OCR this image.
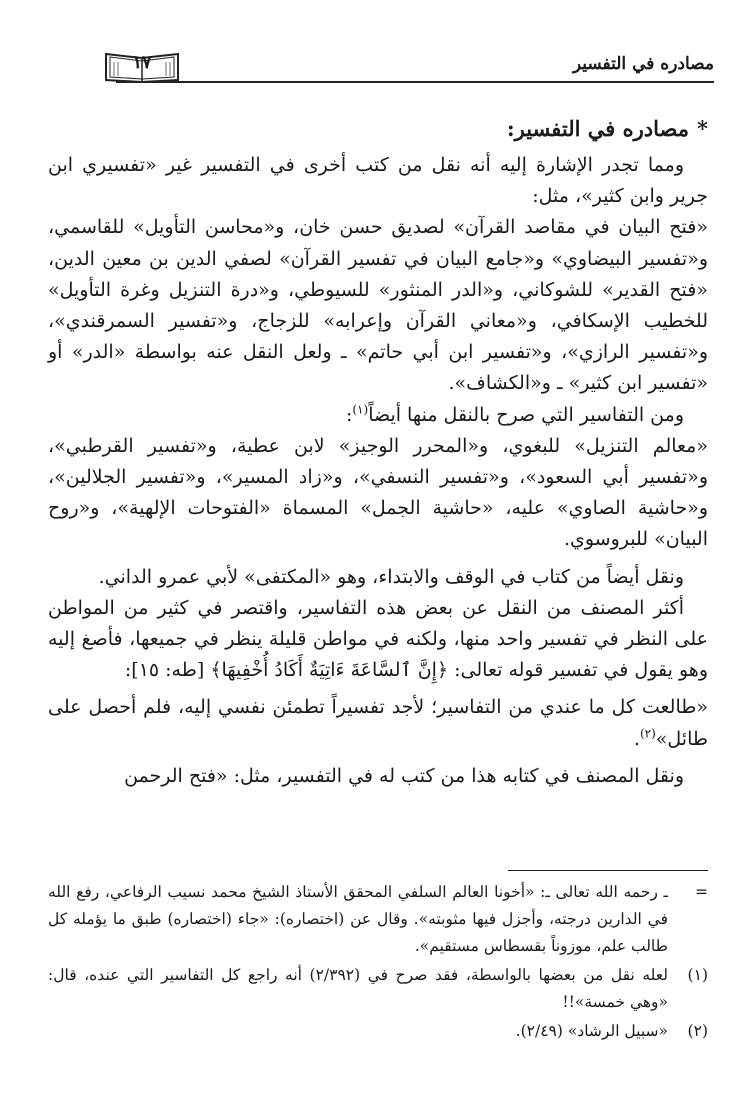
مصادره في التفسير
١٧

*مصادره في التفسير:

ومما تجدر الإشارة إليه أنه نقل من كتب أخرى في التفسير غير «تفسيري ابن جرير وابن كثير»، مثل:

«فتح البيان في مقاصد القرآن» لصديق حسن خان، و«محاسن التأويل» للقاسمي، و«تفسير البيضاوي» و«جامع البيان في تفسير القرآن» لصفي الدين بن معين الدين، «فتح القدير» للشوكاني، و«الدر المنثور» للسيوطي، و«درة التنزيل وغرة التأويل» للخطيب الإسكافي، و«معاني القرآن وإعرابه» للزجاج، و«تفسير السمرقندي»، و«تفسير الرازي»، و«تفسير ابن أبي حاتم» ـ ولعل النقل عنه بواسطة «الدر» أو «تفسير ابن كثير» ـ و«الكشاف».

ومن التفاسير التي صرح بالنقل منها أيضاً$^{(١)}$:

«معالم التنزيل» للبغوي، و«المحرر الوجيز» لابن عطية، و«تفسير القرطبي»، و«تفسير أبي السعود»، و«تفسير النسفي»، و«زاد المسير»، و«تفسير الجلالين»، و«حاشية الصاوي» عليه، «حاشية الجمل» المسماة «الفتوحات الإلهية»، و«روح البيان» للبروسوي.

ونقل أيضاً من كتاب في الوقف والابتداء، وهو «المكتفى» لأبي عمرو الداني.

أكثر المصنف من النقل عن بعض هذه التفاسير، واقتصر في كثير من المواطن على النظر في تفسير واحد منها، ولكنه في مواطن قليلة ينظر في جميعها، فأصغ إليه وهو يقول في تفسير قوله تعالى: ﴿إِنَّ ٱلسَّاعَةَ ءَاتِيَةٌ أَكَادُ أُخْفِيهَا﴾ [طه: ١٥]:

«طالعت كل ما عندي من التفاسير؛ لأجد تفسيراً تطمئن نفسي إليه، فلم أحصل على طائل»$^{(٢)}$.

ونقل المصنف في كتابه هذا من كتب له في التفسير، مثل: «فتح الرحمن

=
ـ رحمه الله تعالى ـ: «أخونا العالم السلفي المحقق الأستاذ الشيخ محمد نسيب الرفاعي، رفع الله في الدارين درجته، وأجزل فيها مثوبته». وقال عن (اختصاره): «جاء (اختصاره) طبق ما يؤمله كل طالب علم، موزوناً بقسطاس مستقيم».

(١)
لعله نقل من بعضها بالواسطة، فقد صرح في (٢/٣٩٢) أنه راجع كل التفاسير التي عنده، قال: «وهي خمسة»!!

(٢)
«سبيل الرشاد» (٢/٤٩).
